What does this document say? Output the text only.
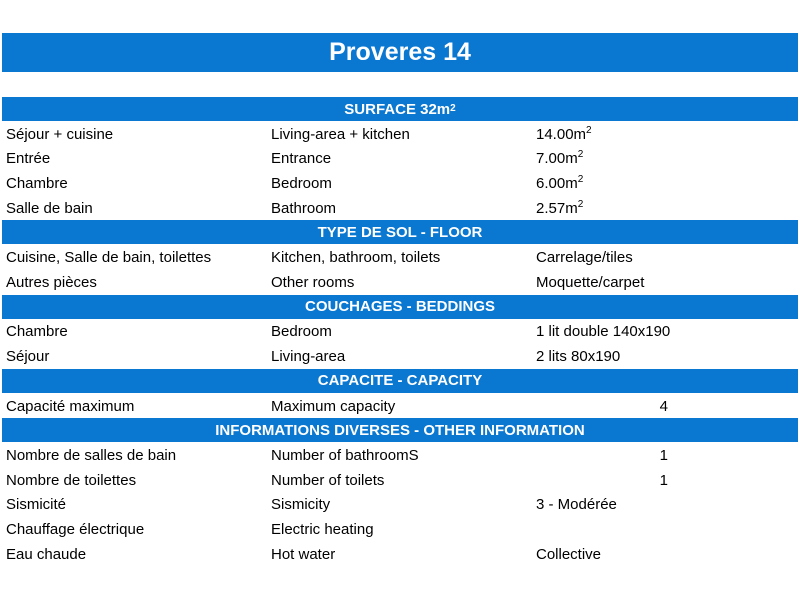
Proveres 14
SURFACE 32m 2
Séjour + cuisine	Living-area + kitchen	$14.00m^2$
Entrée	Entrance	$7.00m^2$
Chambre	Bedroom	$6.00m^2$
Salle de bain	Bathroom	$2.57m^2$
TYPE DE SOL - FLOOR
Cuisine, Salle de bain, toilettes	Kitchen, bathroom, toilets	Carrelage/tiles
Autres pièces	Other rooms	Moquette/carpet
COUCHAGES - BEDDINGS
Chambre	Bedroom	1 lit double 140x190
Séjour	Living-area	2 lits 80x190
CAPACITE - CAPACITY
Capacité maximum	Maximum capacity	4
INFORMATIONS DIVERSES - OTHER INFORMATION
Nombre de salles de bain	Number of bathroomS	1
Nombre de toilettes	Number of toilets	1
Sismicité	Sismicity	3 - Modérée
Chauffage électrique	Electric heating
Eau chaude	Hot water	Collective
